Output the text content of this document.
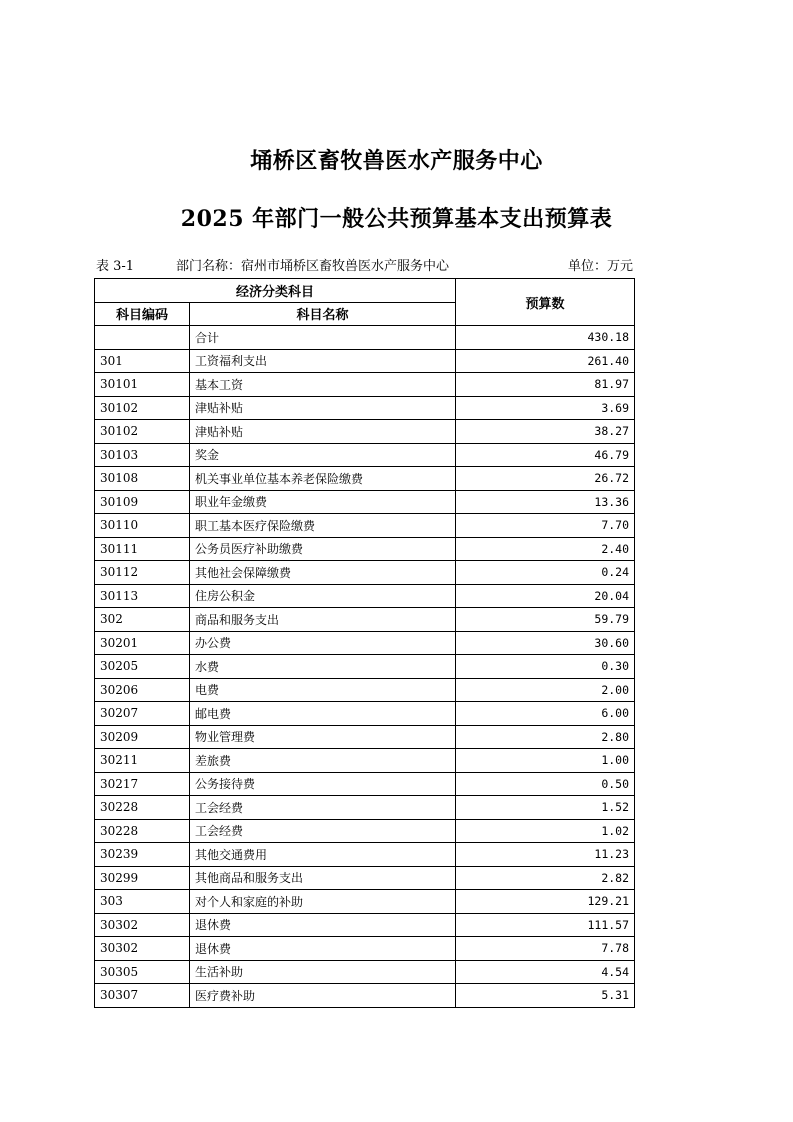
埇桥区畜牧兽医水产服务中心
2025 年部门一般公共预算基本支出预算表
表 3-1	部门名称：宿州市埇桥区畜牧兽医水产服务中心	单位：万元
经济分类科目		预算数
科目编码	科目名称	
	合计	430.18
301	工资福利支出	261.40
30101	基本工资	81.97
30102	津贴补贴	3.69
30102	津贴补贴	38.27
30103	奖金	46.79
30108	机关事业单位基本养老保险缴费	26.72
30109	职业年金缴费	13.36
30110	职工基本医疗保险缴费	7.70
30111	公务员医疗补助缴费	2.40
30112	其他社会保障缴费	0.24
30113	住房公积金	20.04
302	商品和服务支出	59.79
30201	办公费	30.60
30205	水费	0.30
30206	电费	2.00
30207	邮电费	6.00
30209	物业管理费	2.80
30211	差旅费	1.00
30217	公务接待费	0.50
30228	工会经费	1.52
30228	工会经费	1.02
30239	其他交通费用	11.23
30299	其他商品和服务支出	2.82
303	对个人和家庭的补助	129.21
30302	退休费	111.57
30302	退休费	7.78
30305	生活补助	4.54
30307	医疗费补助	5.31
